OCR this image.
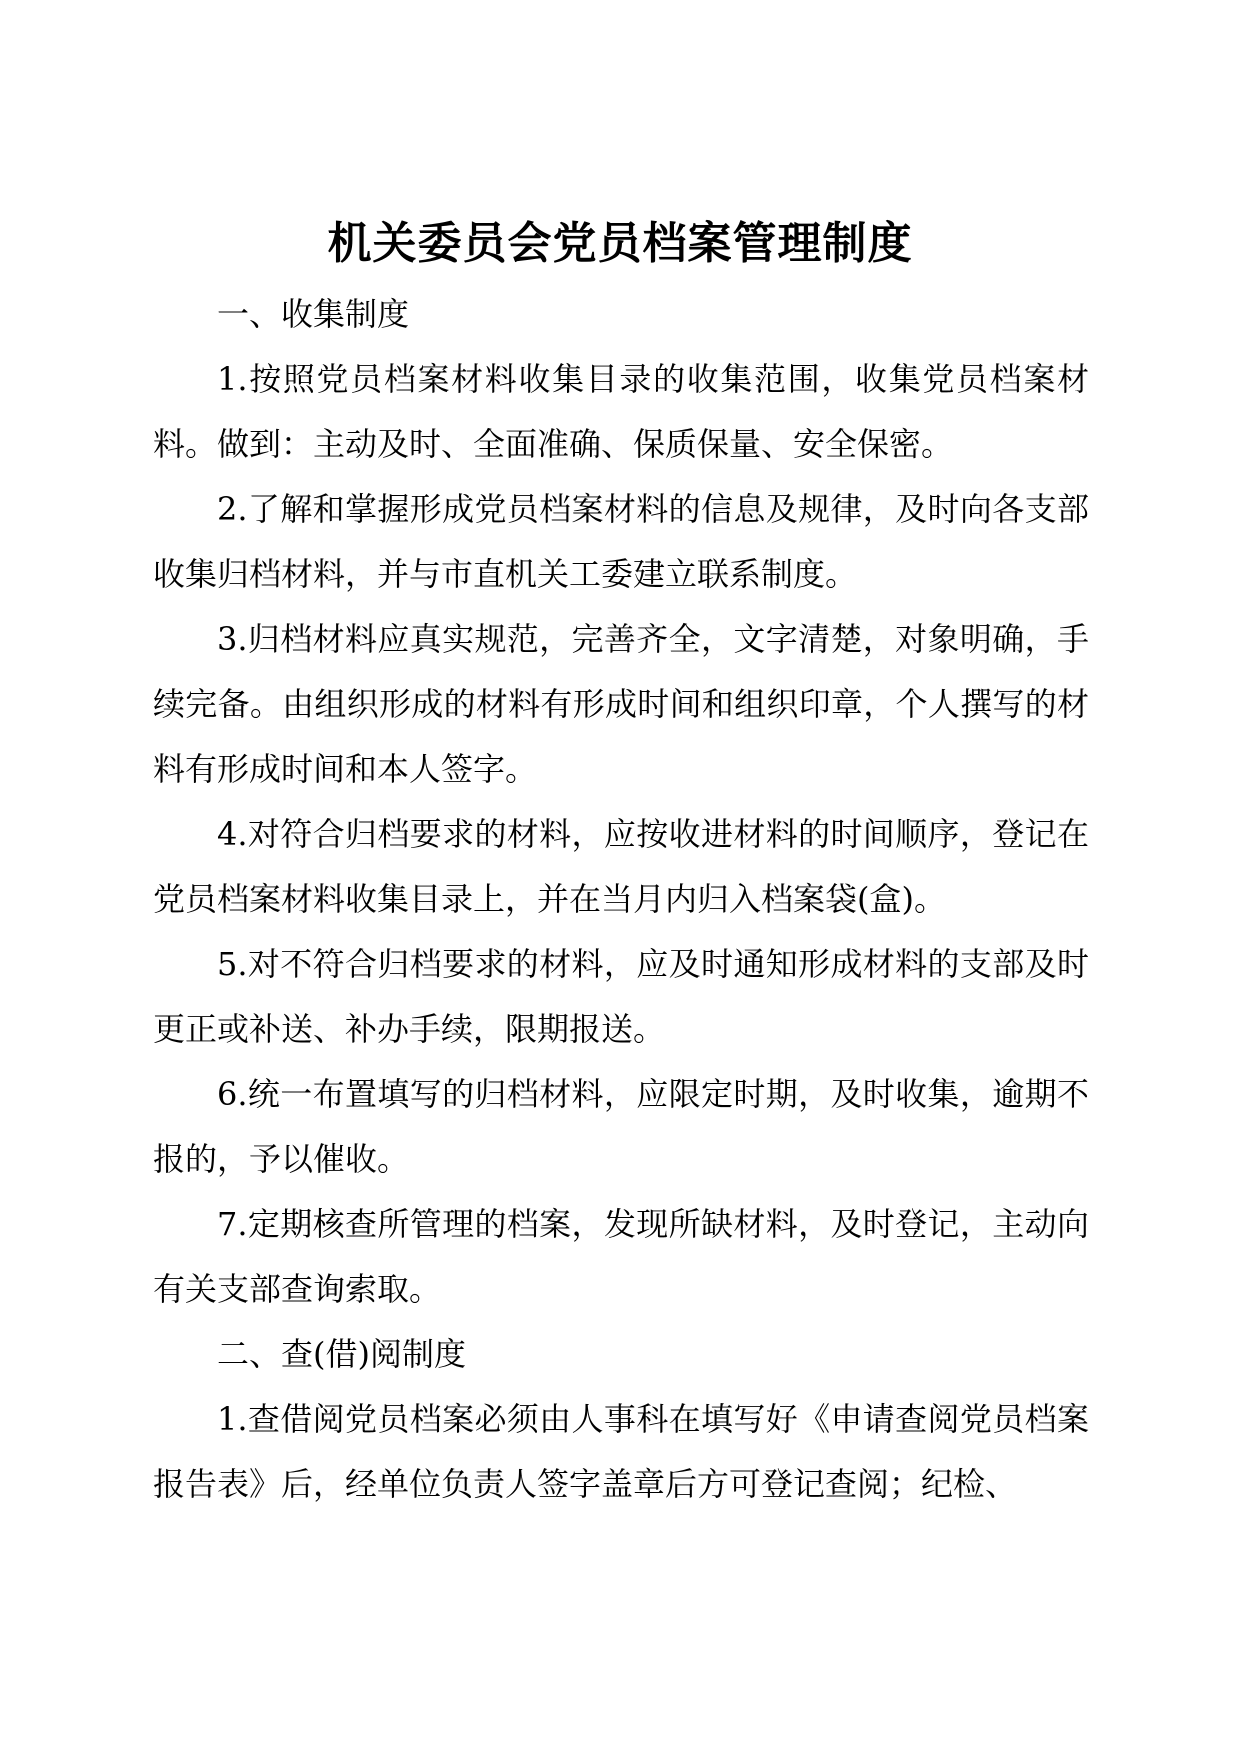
机关委员会党员档案管理制度

一、收集制度

1.按照党员档案材料收集目录的收集范围，收集党员档案材料。做到：主动及时、全面准确、保质保量、安全保密。

2.了解和掌握形成党员档案材料的信息及规律，及时向各支部收集归档材料，并与市直机关工委建立联系制度。

3.归档材料应真实规范，完善齐全，文字清楚，对象明确，手续完备。由组织形成的材料有形成时间和组织印章，个人撰写的材料有形成时间和本人签字。

4.对符合归档要求的材料，应按收进材料的时间顺序，登记在党员档案材料收集目录上，并在当月内归入档案袋(盒)。

5.对不符合归档要求的材料，应及时通知形成材料的支部及时更正或补送、补办手续，限期报送。

6.统一布置填写的归档材料，应限定时期，及时收集，逾期不报的，予以催收。

7.定期核查所管理的档案，发现所缺材料，及时登记，主动向有关支部查询索取。

二、查(借)阅制度

1.查借阅党员档案必须由人事科在填写好《申请查阅党员档案报告表》后，经单位负责人签字盖章后方可登记查阅；纪检、
